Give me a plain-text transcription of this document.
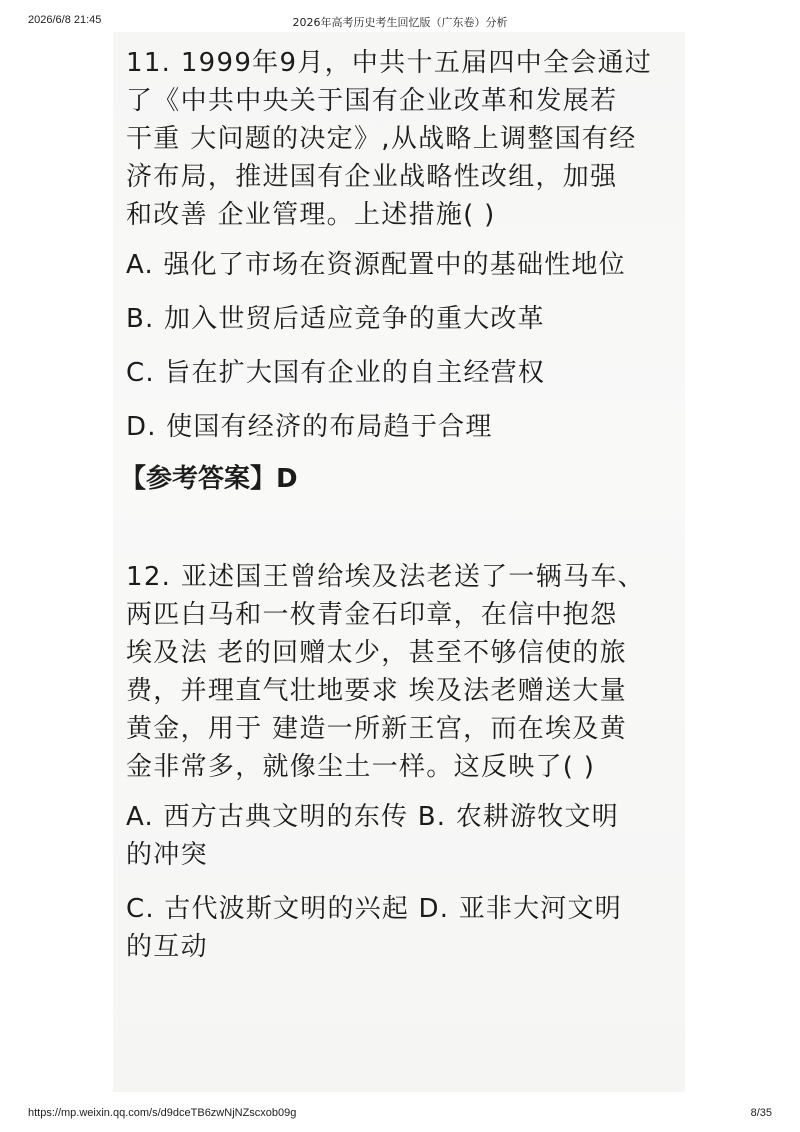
2026/6/8 21:45	2026年高考历史考生回忆版（广东卷）分析
11. 1999年9月，中共十五届四中全会通过
了《中共中央关于国有企业改革和发展若
干重 大问题的决定》,从战略上调整国有经
济布局，推进国有企业战略性改组，加强
和改善 企业管理。上述措施( )
A. 强化了市场在资源配置中的基础性地位
B. 加入世贸后适应竞争的重大改革
C. 旨在扩大国有企业的自主经营权
D. 使国有经济的布局趋于合理
【参考答案】D
12. 亚述国王曾给埃及法老送了一辆马车、
两匹白马和一枚青金石印章，在信中抱怨
埃及法 老的回赠太少，甚至不够信使的旅
费，并理直气壮地要求 埃及法老赠送大量
黄金，用于 建造一所新王宫，而在埃及黄
金非常多，就像尘土一样。这反映了( )
A. 西方古典文明的东传 B. 农耕游牧文明
的冲突
C. 古代波斯文明的兴起 D. 亚非大河文明
的互动
https://mp.weixin.qq.com/s/d9dceTB6zwNjNZscxob09g	8/35
